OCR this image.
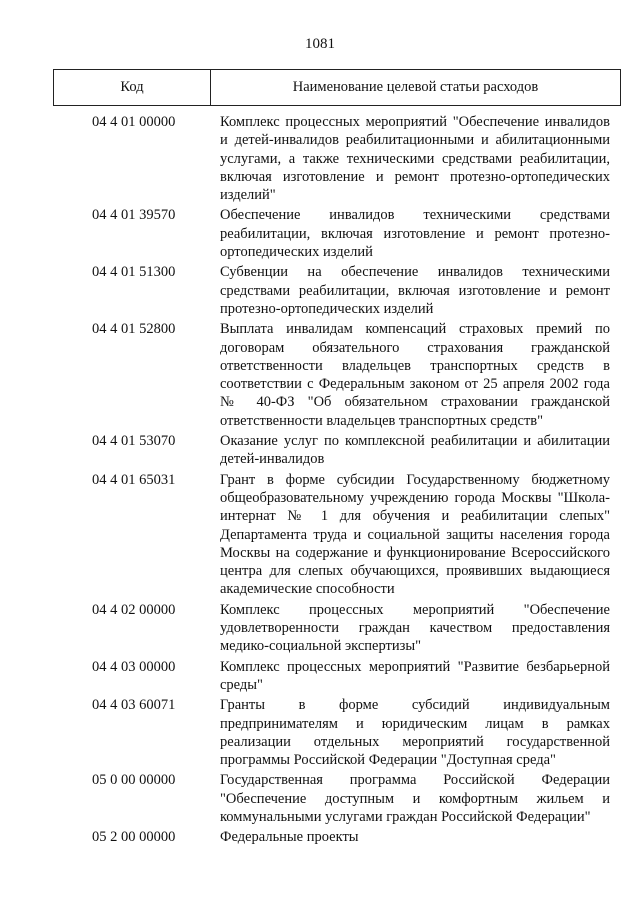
1081
Код	Наименование целевой статьи расходов
04 4 01 00000	Комплекс процессных мероприятий "Обеспечение инвалидов и детей-инвалидов реабилитационными и абилитационными услугами, а также техническими средствами реабилитации, включая изготовление и ремонт протезно-ортопедических изделий"
04 4 01 39570	Обеспечение инвалидов техническими средствами реабилитации, включая изготовление и ремонт протезно-ортопедических изделий
04 4 01 51300	Субвенции на обеспечение инвалидов техническими средствами реабилитации, включая изготовление и ремонт протезно-ортопедических изделий
04 4 01 52800	Выплата инвалидам компенсаций страховых премий по договорам обязательного страхования гражданской ответственности владельцев транспортных средств в соответствии с Федеральным законом от 25 апреля 2002 года № 40-ФЗ "Об обязательном страховании гражданской ответственности владельцев транспортных средств"
04 4 01 53070	Оказание услуг по комплексной реабилитации и абилитации детей-инвалидов
04 4 01 65031	Грант в форме субсидии Государственному бюджетному общеобразовательному учреждению города Москвы "Школа-интернат № 1 для обучения и реабилитации слепых" Департамента труда и социальной защиты населения города Москвы на содержание и функционирование Всероссийского центра для слепых обучающихся, проявивших выдающиеся академические способности
04 4 02 00000	Комплекс процессных мероприятий "Обеспечение удовлетворенности граждан качеством предоставления медико-социальной экспертизы"
04 4 03 00000	Комплекс процессных мероприятий "Развитие безбарьерной среды"
04 4 03 60071	Гранты в форме субсидий индивидуальным предпринимателям и юридическим лицам в рамках реализации отдельных мероприятий государственной программы Российской Федерации "Доступная среда"
05 0 00 00000	Государственная программа Российской Федерации "Обеспечение доступным и комфортным жильем и коммунальными услугами граждан Российской Федерации"
05 2 00 00000	Федеральные проекты
